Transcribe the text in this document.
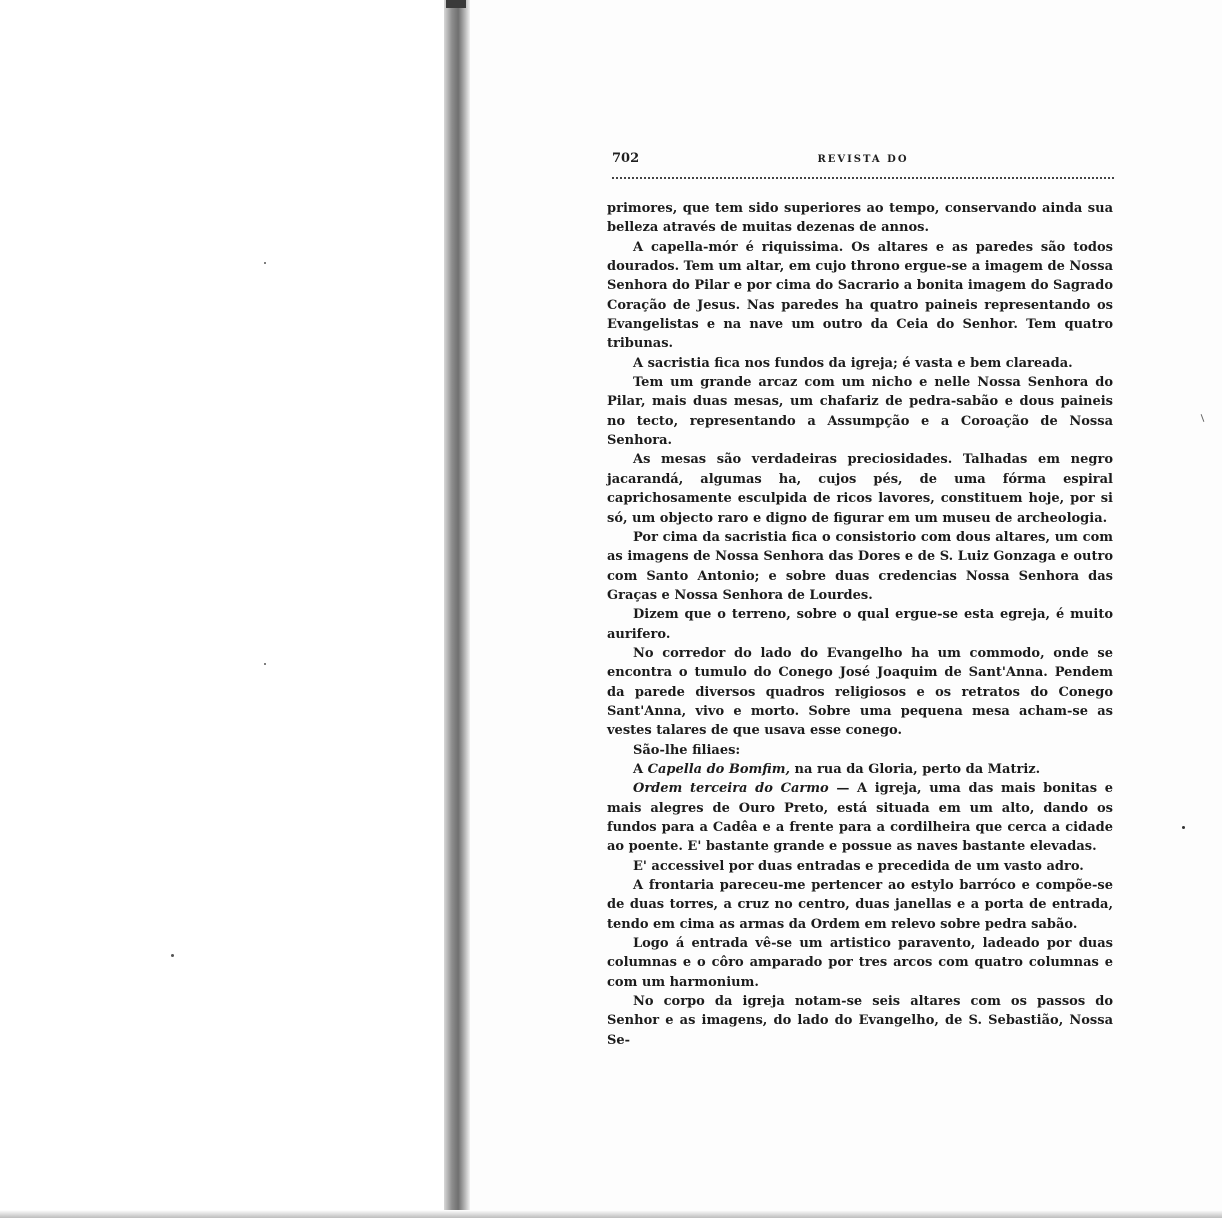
702	REVISTA DO

primores, que tem sido superiores ao tempo, conservando ainda sua belleza através de muitas dezenas de annos.

A capella-mór é riquissima. Os altares e as paredes são todos dourados. Tem um altar, em cujo throno ergue-se a imagem de Nossa Senhora do Pilar e por cima do Sacrario a bonita imagem do Sagrado Coração de Jesus. Nas paredes ha quatro paineis representando os Evangelistas e na nave um outro da Ceia do Senhor. Tem quatro tribunas.

A sacristia fica nos fundos da igreja; é vasta e bem clareada.

Tem um grande arcaz com um nicho e nelle Nossa Senhora do Pilar, mais duas mesas, um chafariz de pedra-sabão e dous paineis no tecto, representando a Assumpção e a Coroação de Nossa Senhora.

As mesas são verdadeiras preciosidades. Talhadas em negro jacarandá, algumas ha, cujos pés, de uma fórma espiral caprichosamente esculpida de ricos lavores, constituem hoje, por si só, um objecto raro e digno de figurar em um museu de archeologia.

Por cima da sacristia fica o consistorio com dous altares, um com as imagens de Nossa Senhora das Dores e de S. Luiz Gonzaga e outro com Santo Antonio; e sobre duas credencias Nossa Senhora das Graças e Nossa Senhora de Lourdes.

Dizem que o terreno, sobre o qual ergue-se esta egreja, é muito aurifero.

No corredor do lado do Evangelho ha um commodo, onde se encontra o tumulo do Conego José Joaquim de Sant'Anna. Pendem da parede diversos quadros religiosos e os retratos do Conego Sant'Anna, vivo e morto. Sobre uma pequena mesa acham-se as vestes talares de que usava esse conego.

São-lhe filiaes:

A Capella do Bomfim, na rua da Gloria, perto da Matriz.

Ordem terceira do Carmo — A igreja, uma das mais bonitas e mais alegres de Ouro Preto, está situada em um alto, dando os fundos para a Cadêa e a frente para a cordilheira que cerca a cidade ao poente. E' bastante grande e possue as naves bastante elevadas.

E' accessivel por duas entradas e precedida de um vasto adro.

A frontaria pareceu-me pertencer ao estylo barróco e compõe-se de duas torres, a cruz no centro, duas janellas e a porta de entrada, tendo em cima as armas da Ordem em relevo sobre pedra sabão.

Logo á entrada vê-se um artistico paravento, ladeado por duas columnas e o côro amparado por tres arcos com quatro columnas e com um harmonium.

No corpo da igreja notam-se seis altares com os passos do Senhor e as imagens, do lado do Evangelho, de S. Sebastião, Nossa Se-
